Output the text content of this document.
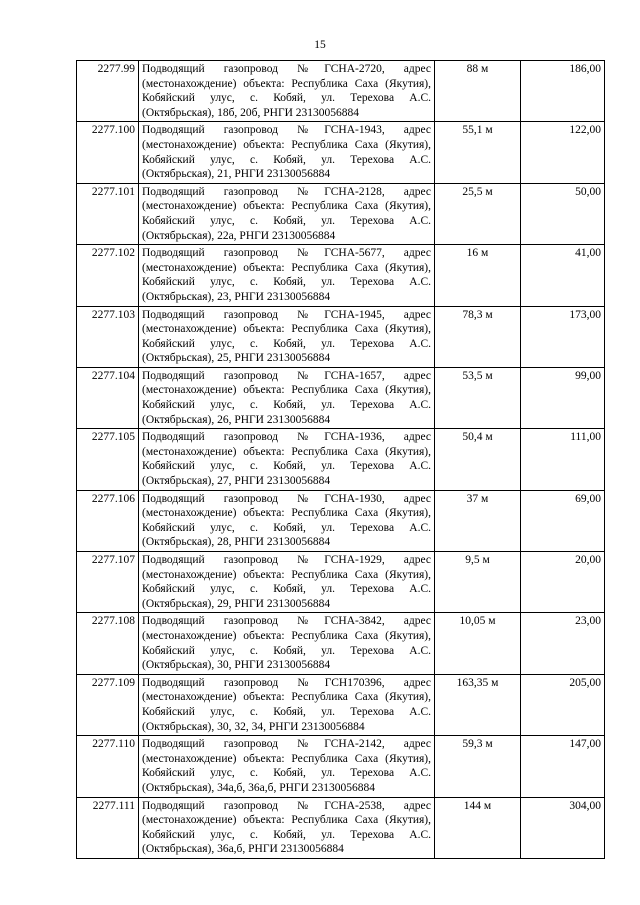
15
2277.99	Подводящий газопровод №ГСНА-2720, адрес (местонахождение) объекта: Республика Саха (Якутия), Кобяйский улус, с. Кобяй, ул. Терехова А.С. (Октябрьская), 18б, 20б, РНГИ 23130056884	88 м	186,00
2277.100	Подводящий газопровод №ГСНА-1943, адрес (местонахождение) объекта: Республика Саха (Якутия), Кобяйский улус, с. Кобяй, ул. Терехова А.С. (Октябрьская), 21, РНГИ 23130056884	55,1 м	122,00
2277.101	Подводящий газопровод №ГСНА-2128, адрес (местонахождение) объекта: Республика Саха (Якутия), Кобяйский улус, с. Кобяй, ул. Терехова А.С. (Октябрьская), 22а, РНГИ 23130056884	25,5 м	50,00
2277.102	Подводящий газопровод №ГСНА-5677, адрес (местонахождение) объекта: Республика Саха (Якутия), Кобяйский улус, с. Кобяй, ул. Терехова А.С. (Октябрьская), 23, РНГИ 23130056884	16 м	41,00
2277.103	Подводящий газопровод №ГСНА-1945, адрес (местонахождение) объекта: Республика Саха (Якутия), Кобяйский улус, с. Кобяй, ул. Терехова А.С. (Октябрьская), 25, РНГИ 23130056884	78,3 м	173,00
2277.104	Подводящий газопровод №ГСНА-1657, адрес (местонахождение) объекта: Республика Саха (Якутия), Кобяйский улус, с. Кобяй, ул. Терехова А.С. (Октябрьская), 26, РНГИ 23130056884	53,5 м	99,00
2277.105	Подводящий газопровод №ГСНА-1936, адрес (местонахождение) объекта: Республика Саха (Якутия), Кобяйский улус, с. Кобяй, ул. Терехова А.С. (Октябрьская), 27, РНГИ 23130056884	50,4 м	111,00
2277.106	Подводящий газопровод №ГСНА-1930, адрес (местонахождение) объекта: Республика Саха (Якутия), Кобяйский улус, с. Кобяй, ул. Терехова А.С. (Октябрьская), 28, РНГИ 23130056884	37 м	69,00
2277.107	Подводящий газопровод №ГСНА-1929, адрес (местонахождение) объекта: Республика Саха (Якутия), Кобяйский улус, с. Кобяй, ул. Терехова А.С. (Октябрьская), 29, РНГИ 23130056884	9,5 м	20,00
2277.108	Подводящий газопровод №ГСНА-3842, адрес (местонахождение) объекта: Республика Саха (Якутия), Кобяйский улус, с. Кобяй, ул. Терехова А.С. (Октябрьская), 30, РНГИ 23130056884	10,05 м	23,00
2277.109	Подводящий газопровод №ГСН170396, адрес (местонахождение) объекта: Республика Саха (Якутия), Кобяйский улус, с. Кобяй, ул. Терехова А.С. (Октябрьская), 30, 32, 34, РНГИ 23130056884	163,35 м	205,00
2277.110	Подводящий газопровод №ГСНА-2142, адрес (местонахождение) объекта: Республика Саха (Якутия), Кобяйский улус, с. Кобяй, ул. Терехова А.С. (Октябрьская), 34а,б, 36а,б, РНГИ 23130056884	59,3 м	147,00
2277.111	Подводящий газопровод №ГСНА-2538, адрес (местонахождение) объекта: Республика Саха (Якутия), Кобяйский улус, с. Кобяй, ул. Терехова А.С. (Октябрьская), 36а,б, РНГИ 23130056884	144 м	304,00
